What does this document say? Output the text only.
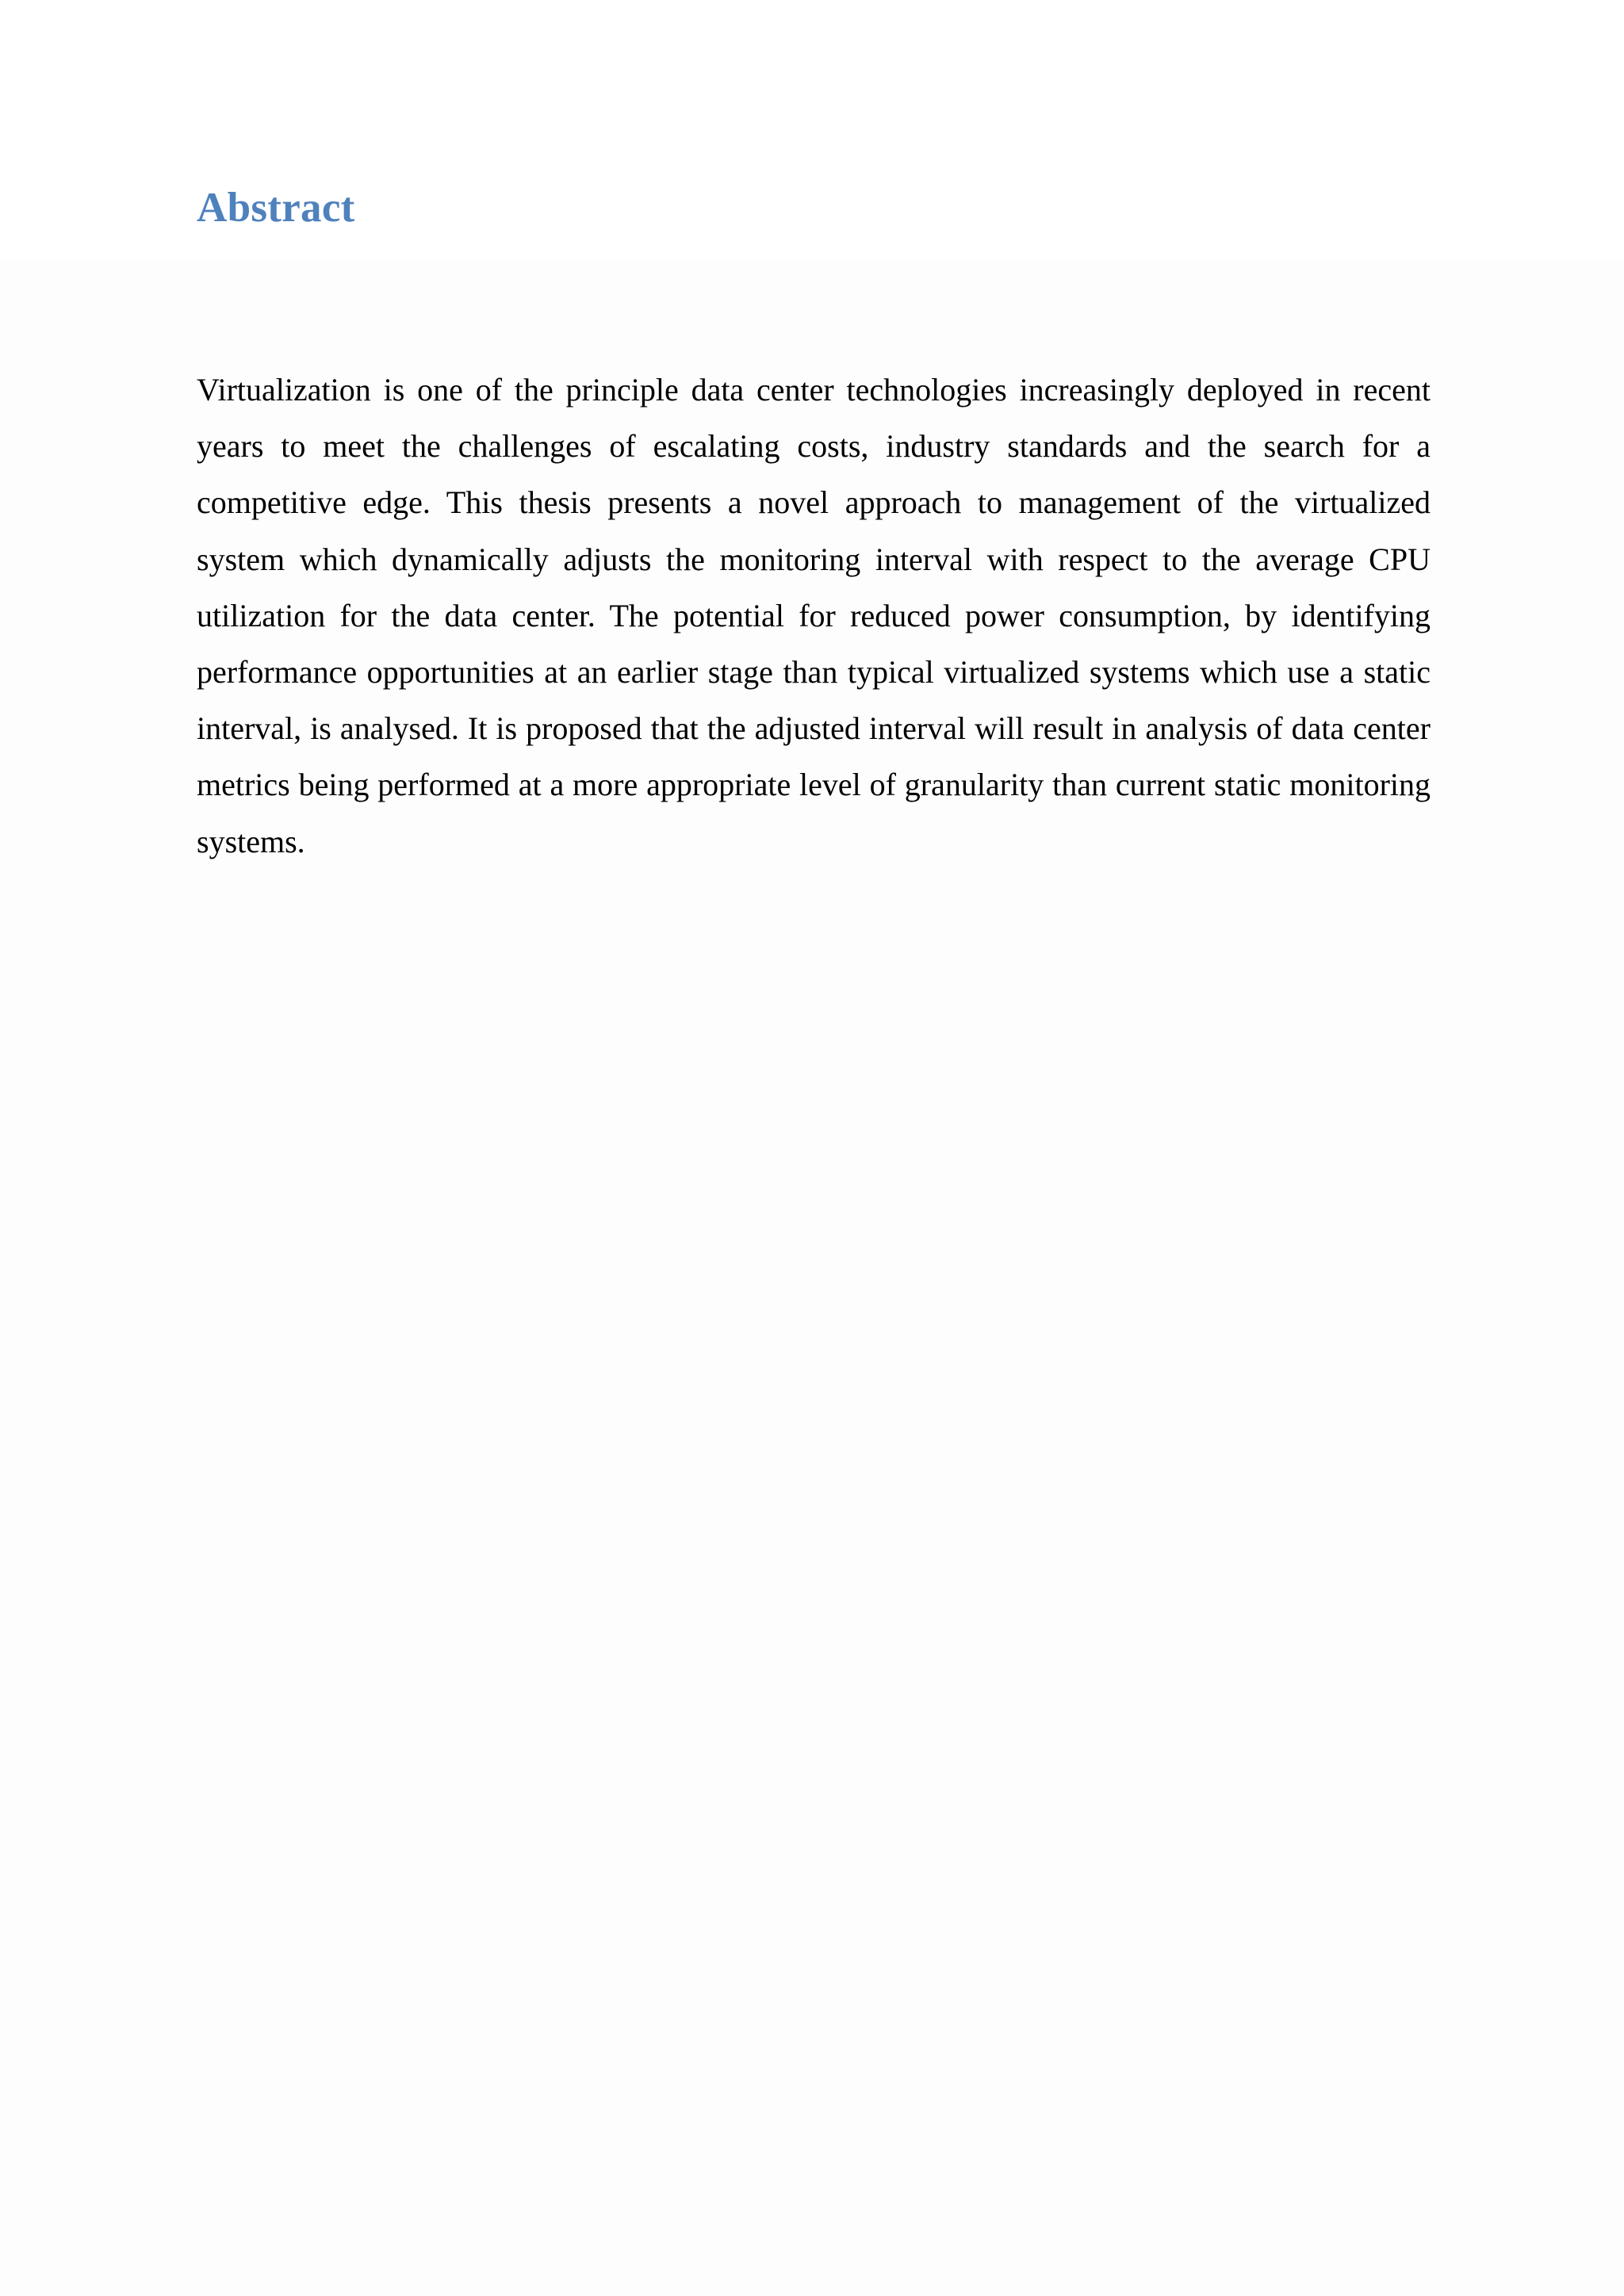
Abstract

Virtualization is one of the principle data center technologies increasingly deployed in recent years to meet the challenges of escalating costs, industry standards and the search for a competitive edge. This thesis presents a novel approach to management of the virtualized system which dynamically adjusts the monitoring interval with respect to the average CPU utilization for the data center. The potential for reduced power consumption, by identifying performance opportunities at an earlier stage than typical virtualized systems which use a static interval, is analysed. It is proposed that the adjusted interval will result in analysis of data center metrics being performed at a more appropriate level of granularity than current static monitoring systems.
